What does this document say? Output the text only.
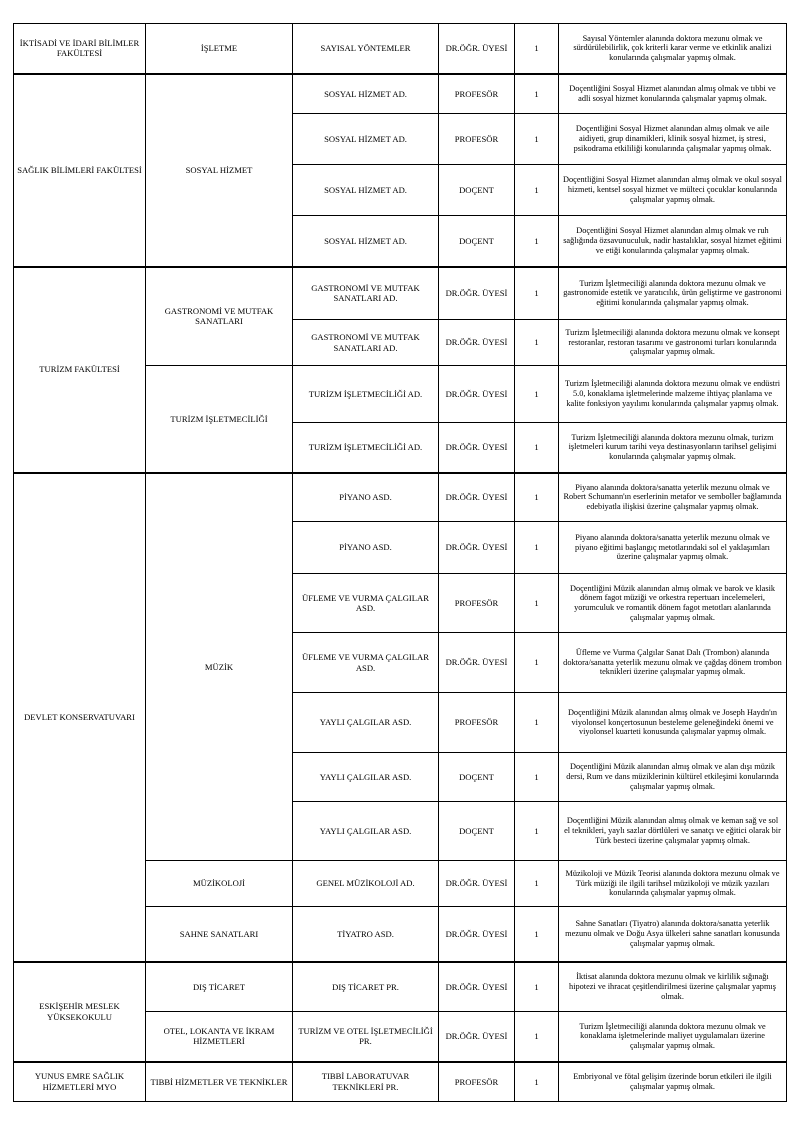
İKTİSADİ VE İDARİ BİLİMLER FAKÜLTESİ	İŞLETME	SAYISAL YÖNTEMLER	DR.ÖĞR. ÜYESİ	1	Sayısal Yöntemler alanında doktora mezunu olmak ve sürdürülebilirlik, çok kriterli karar verme ve etkinlik analizi konularında çalışmalar yapmış olmak.
SAĞLIK BİLİMLERİ FAKÜLTESİ	SOSYAL HİZMET	SOSYAL HİZMET AD.	PROFESÖR	1	Doçentliğini Sosyal Hizmet alanından almış olmak ve tıbbi ve adli sosyal hizmet konularında çalışmalar yapmış olmak.
		SOSYAL HİZMET AD.	PROFESÖR	1	Doçentliğini Sosyal Hizmet alanından almış olmak ve aile aidiyeti, grup dinamikleri, klinik sosyal hizmet, iş stresi, psikodrama etkililiği konularında çalışmalar yapmış olmak.
		SOSYAL HİZMET AD.	DOÇENT	1	Doçentliğini Sosyal Hizmet alanından almış olmak ve okul sosyal hizmeti, kentsel sosyal hizmet ve mülteci çocuklar konularında çalışmalar yapmış olmak.
		SOSYAL HİZMET AD.	DOÇENT	1	Doçentliğini Sosyal Hizmet alanından almış olmak ve ruh sağlığında özsavunuculuk, nadir hastalıklar, sosyal hizmet eğitimi ve etiği konularında çalışmalar yapmış olmak.
TURİZM FAKÜLTESİ	GASTRONOMİ VE MUTFAK SANATLARI	GASTRONOMİ VE MUTFAK SANATLARI AD.	DR.ÖĞR. ÜYESİ	1	Turizm İşletmeciliği alanında doktora mezunu olmak ve gastronomide estetik ve yaratıcılık, ürün geliştirme ve gastronomi eğitimi konularında çalışmalar yapmış olmak.
		GASTRONOMİ VE MUTFAK SANATLARI AD.	DR.ÖĞR. ÜYESİ	1	Turizm İşletmeciliği alanında doktora mezunu olmak ve konsept restoranlar, restoran tasarımı ve gastronomi turları konularında çalışmalar yapmış olmak.
	TURİZM İŞLETMECİLİĞİ	TURİZM İŞLETMECİLİĞİ AD.	DR.ÖĞR. ÜYESİ	1	Turizm İşletmeciliği alanında doktora mezunu olmak ve endüstri 5.0, konaklama işletmelerinde malzeme ihtiyaç planlama ve kalite fonksiyon yayılımı konularında çalışmalar yapmış olmak.
		TURİZM İŞLETMECİLİĞİ AD.	DR.ÖĞR. ÜYESİ	1	Turizm İşletmeciliği alanında doktora mezunu olmak, turizm işletmeleri kurum tarihi veya destinasyonların tarihsel gelişimi konularında çalışmalar yapmış olmak.
DEVLET KONSERVATUVARI	MÜZİK	PİYANO ASD.	DR.ÖĞR. ÜYESİ	1	Piyano alanında doktora/sanatta yeterlik mezunu olmak ve Robert Schumann'ın eserlerinin metafor ve semboller bağlamında edebiyatla ilişkisi üzerine çalışmalar yapmış olmak.
		PİYANO ASD.	DR.ÖĞR. ÜYESİ	1	Piyano alanında doktora/sanatta yeterlik mezunu olmak ve piyano eğitimi başlangıç metotlarındaki sol el yaklaşımları üzerine çalışmalar yapmış olmak.
		ÜFLEME VE VURMA ÇALGILAR ASD.	PROFESÖR	1	Doçentliğini Müzik alanından almış olmak ve barok ve klasik dönem fagot müziği ve orkestra repertuarı incelemeleri, yorumculuk ve romantik dönem fagot metotları alanlarında çalışmalar yapmış olmak.
		ÜFLEME VE VURMA ÇALGILAR ASD.	DR.ÖĞR. ÜYESİ	1	Üfleme ve Vurma Çalgılar Sanat Dalı (Trombon) alanında doktora/sanatta yeterlik mezunu olmak ve çağdaş dönem trombon teknikleri üzerine çalışmalar yapmış olmak.
		YAYLI ÇALGILAR ASD.	PROFESÖR	1	Doçentliğini Müzik alanından almış olmak ve Joseph Haydn'ın viyolonsel konçertosunun besteleme geleneğindeki önemi ve viyolonsel kuarteti konusunda çalışmalar yapmış olmak.
		YAYLI ÇALGILAR ASD.	DOÇENT	1	Doçentliğini Müzik alanından almış olmak ve alan dışı müzik dersi, Rum ve dans müziklerinin kültürel etkileşimi konularında çalışmalar yapmış olmak.
		YAYLI ÇALGILAR ASD.	DOÇENT	1	Doçentliğini Müzik alanından almış olmak ve keman sağ ve sol el teknikleri, yaylı sazlar dörtlüleri ve sanatçı ve eğitici olarak bir Türk besteci üzerine çalışmalar yapmış olmak.
	MÜZİKOLOJİ	GENEL MÜZİKOLOJİ AD.	DR.ÖĞR. ÜYESİ	1	Müzikoloji ve Müzik Teorisi alanında doktora mezunu olmak ve Türk müziği ile ilgili tarihsel müzikoloji ve müzik yazıları konularında çalışmalar yapmış olmak.
	SAHNE SANATLARI	TİYATRO ASD.	DR.ÖĞR. ÜYESİ	1	Sahne Sanatları (Tiyatro) alanında doktora/sanatta yeterlik mezunu olmak ve Doğu Asya ülkeleri sahne sanatları konusunda çalışmalar yapmış olmak.
ESKİŞEHİR MESLEK YÜKSEKOKULU	DIŞ TİCARET	DIŞ TİCARET PR.	DR.ÖĞR. ÜYESİ	1	İktisat alanında doktora mezunu olmak ve kirlilik sığınağı hipotezi ve ihracat çeşitlendirilmesi üzerine çalışmalar yapmış olmak.
	OTEL, LOKANTA VE İKRAM HİZMETLERİ	TURİZM VE OTEL İŞLETMECİLİĞİ PR.	DR.ÖĞR. ÜYESİ	1	Turizm İşletmeciliği alanında doktora mezunu olmak ve konaklama işletmelerinde maliyet uygulamaları üzerine çalışmalar yapmış olmak.
YUNUS EMRE SAĞLIK HİZMETLERİ MYO	TIBBİ HİZMETLER VE TEKNİKLER	TIBBİ LABORATUVAR TEKNİKLERİ PR.	PROFESÖR	1	Embriyonal ve fötal gelişim üzerinde borun etkileri ile ilgili çalışmalar yapmış olmak.
